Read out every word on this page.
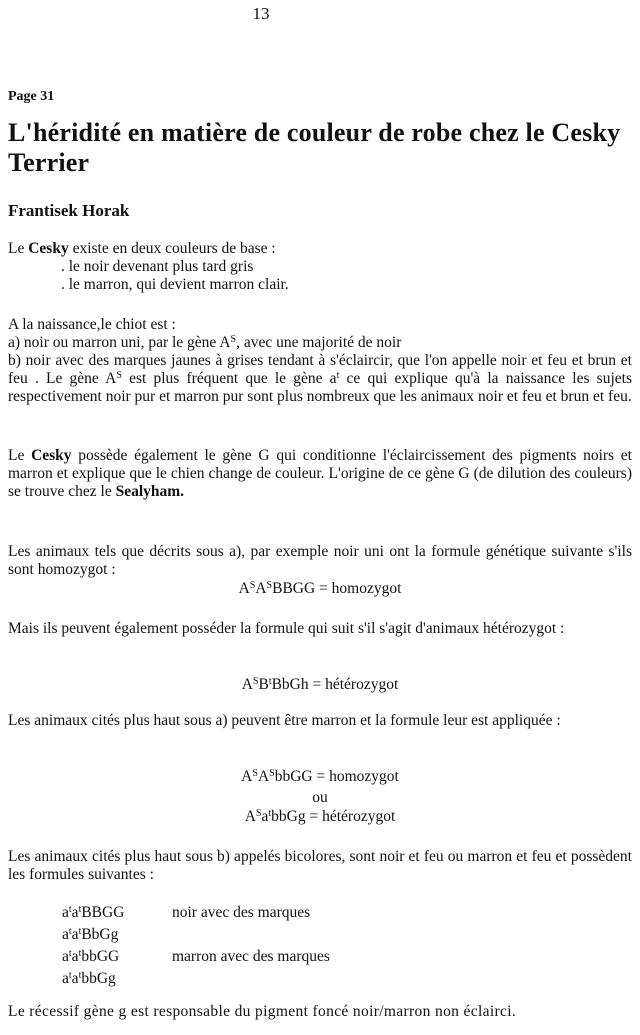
13
Page 31
L'héridité en matière de couleur de robe chez le Cesky Terrier
Frantisek Horak
Le Cesky existe en deux couleurs de base :
. le noir devenant plus tard gris
. le marron, qui devient marron clair.
A la naissance,​le chiot est :
a) noir ou marron uni, par le gène $A^S$, avec une majorité de noir
b) noir avec des marques jaunes à grises tendant à s'éclaircir, que l'on appelle noir et feu et brun et feu . Le gène $A^S$ est plus fréquent que le gène $a^t$ ce qui explique qu'à la naissance les sujets respectivement noir pur et marron pur sont plus nombreux que les animaux noir et feu et brun et feu.
Le Cesky possède également le gène G qui conditionne l'éclaircissement des pigments noirs et marron et explique que le chien change de couleur. L'origine de ce gène G (de dilution des couleurs) se trouve chez le Sealyham.
Les animaux tels que décrits sous a), par exemple noir uni ont la formule génétique suivante s'ils sont homozygot :
$A^SA^SBBGG$ = homozygot
Mais ils peuvent également posséder la formule qui suit s'il s'agit d'animaux hétérozygot :
$A^SB^tBbGh$ = hétérozygot
Les animaux cités plus haut sous a) peuvent être marron et la formule leur est appliquée :
$A^SA^SbbGG$ = homozygot
ou
$A^Sa^tbbGg$ = hétérozygot
Les animaux cités plus haut sous b) appelés bicolores, sont noir et feu ou marron et feu et possèdent les formules suivantes :
$a^ta^tBBGG$	noir avec des marques
$a^ta^tBbGg$	
$a^ta^tbbGG$	marron avec des marques
$a^ta^tbbGg$	
Le récessif gène g est responsable du pigment foncé noir/marron non éclairci.
